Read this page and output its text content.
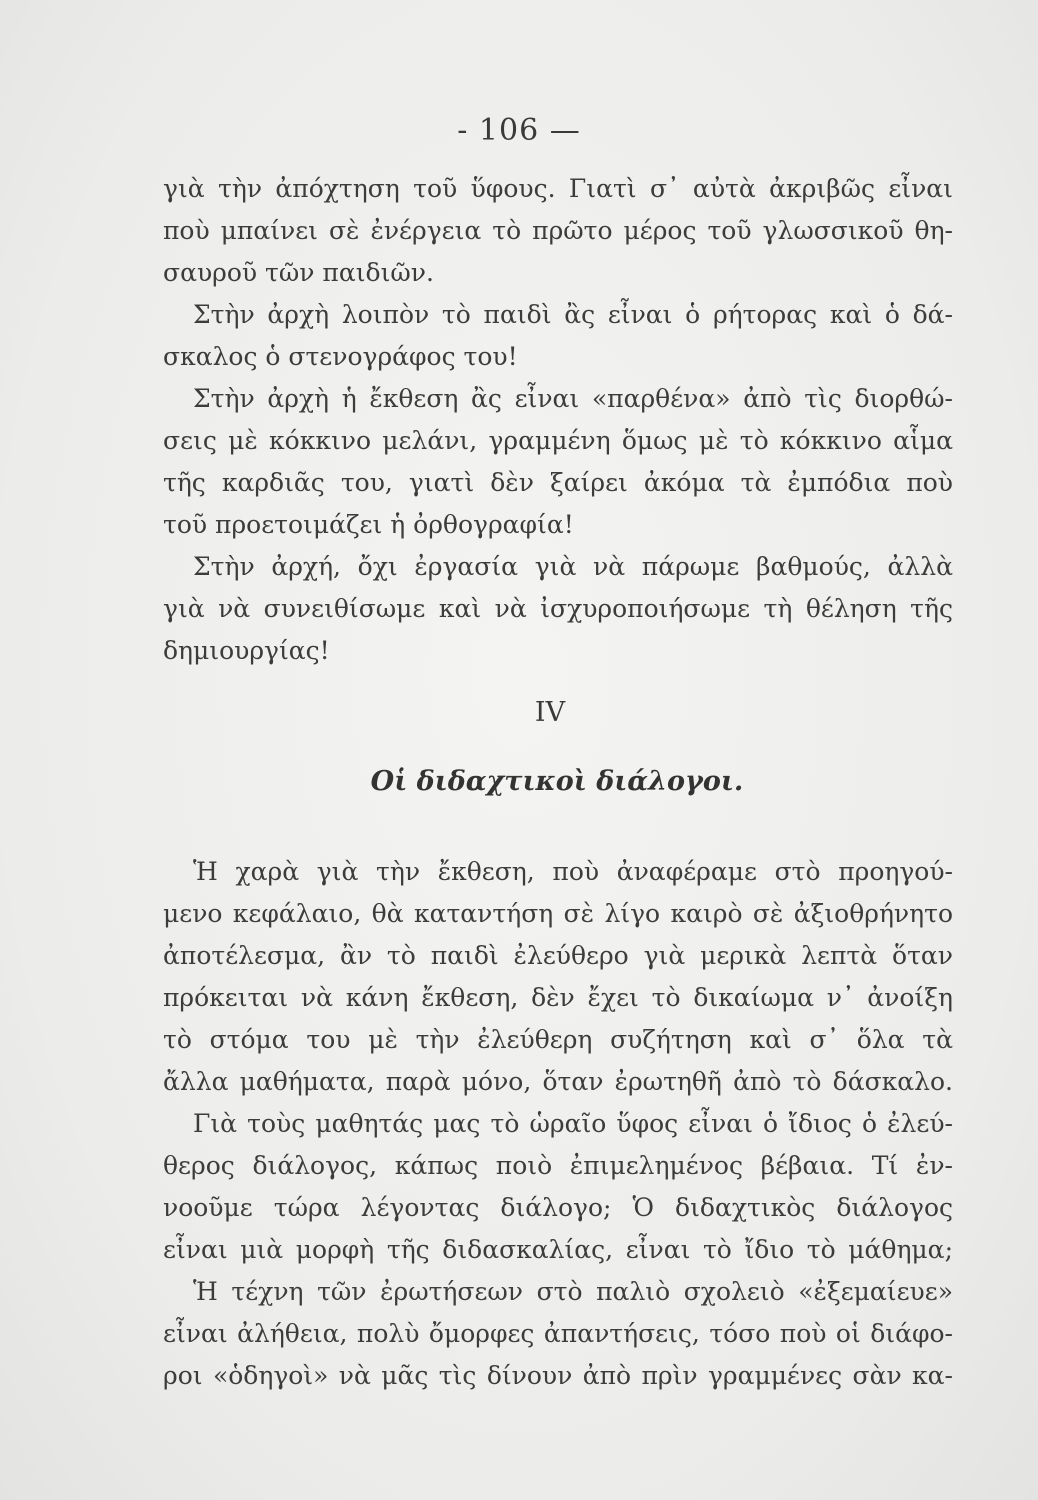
- 106 —
γιὰ τὴν ἀπόχτηση τοῦ ὕφους. Γιατὶ σ᾽ αὐτὰ ἀκριβῶς εἶναι
ποὺ μπαίνει σὲ ἐνέργεια τὸ πρῶτο μέρος τοῦ γλωσσικοῦ θη-
σαυροῦ τῶν παιδιῶν.
Στὴν ἀρχὴ λοιπὸν τὸ παιδὶ ἂς εἶναι ὁ ρήτορας καὶ ὁ δά-
σκαλος ὁ στενογράφος του!
Στὴν ἀρχὴ ἡ ἔκθεση ἂς εἶναι «παρθένα» ἀπὸ τὶς διορθώ-
σεις μὲ κόκκινο μελάνι, γραμμένη ὅμως μὲ τὸ κόκκινο αἷμα
τῆς καρδιᾶς του, γιατὶ δὲν ξαίρει ἀκόμα τὰ ἐμπόδια ποὺ
τοῦ προετοιμάζει ἡ ὀρθογραφία!
Στὴν ἀρχή, ὄχι ἐργασία γιὰ νὰ πάρωμε βαθμούς, ἀλλὰ
γιὰ νὰ συνειθίσωμε καὶ νὰ ἰσχυροποιήσωμε τὴ θέληση τῆς
δημιουργίας!
IV
Οἱ διδαχτικοὶ διάλογοι.
Ἡ χαρὰ γιὰ τὴν ἔκθεση, ποὺ ἀναφέραμε στὸ προηγού-
μενο κεφάλαιο, θὰ καταντήση σὲ λίγο καιρὸ σὲ ἀξιοθρήνητο
ἀποτέλεσμα, ἂν τὸ παιδὶ ἐλεύθερο γιὰ μερικὰ λεπτὰ ὅταν
πρόκειται νὰ κάνη ἔκθεση, δὲν ἔχει τὸ δικαίωμα ν᾽ ἀνοίξη
τὸ στόμα του μὲ τὴν ἐλεύθερη συζήτηση καὶ σ᾽ ὅλα τὰ
ἄλλα μαθήματα, παρὰ μόνο, ὅταν ἐρωτηθῆ ἀπὸ τὸ δάσκαλο.
Γιὰ τοὺς μαθητάς μας τὸ ὡραῖο ὕφος εἶναι ὁ ἴδιος ὁ ἐλεύ-
θερος διάλογος, κάπως ποιὸ ἐπιμελημένος βέβαια. Τί ἐν-
νοοῦμε τώρα λέγοντας διάλογο; Ὁ διδαχτικὸς διάλογος
εἶναι μιὰ μορφὴ τῆς διδασκαλίας, εἶναι τὸ ἴδιο τὸ μάθημα;
Ἡ τέχνη τῶν ἐρωτήσεων στὸ παλιὸ σχολειὸ «ἐξεμαίευε»
εἶναι ἀλήθεια, πολὺ ὄμορφες ἀπαντήσεις, τόσο ποὺ οἱ διάφο-
ροι «ὁδηγοὶ» νὰ μᾶς τὶς δίνουν ἀπὸ πρὶν γραμμένες σὰν κα-
